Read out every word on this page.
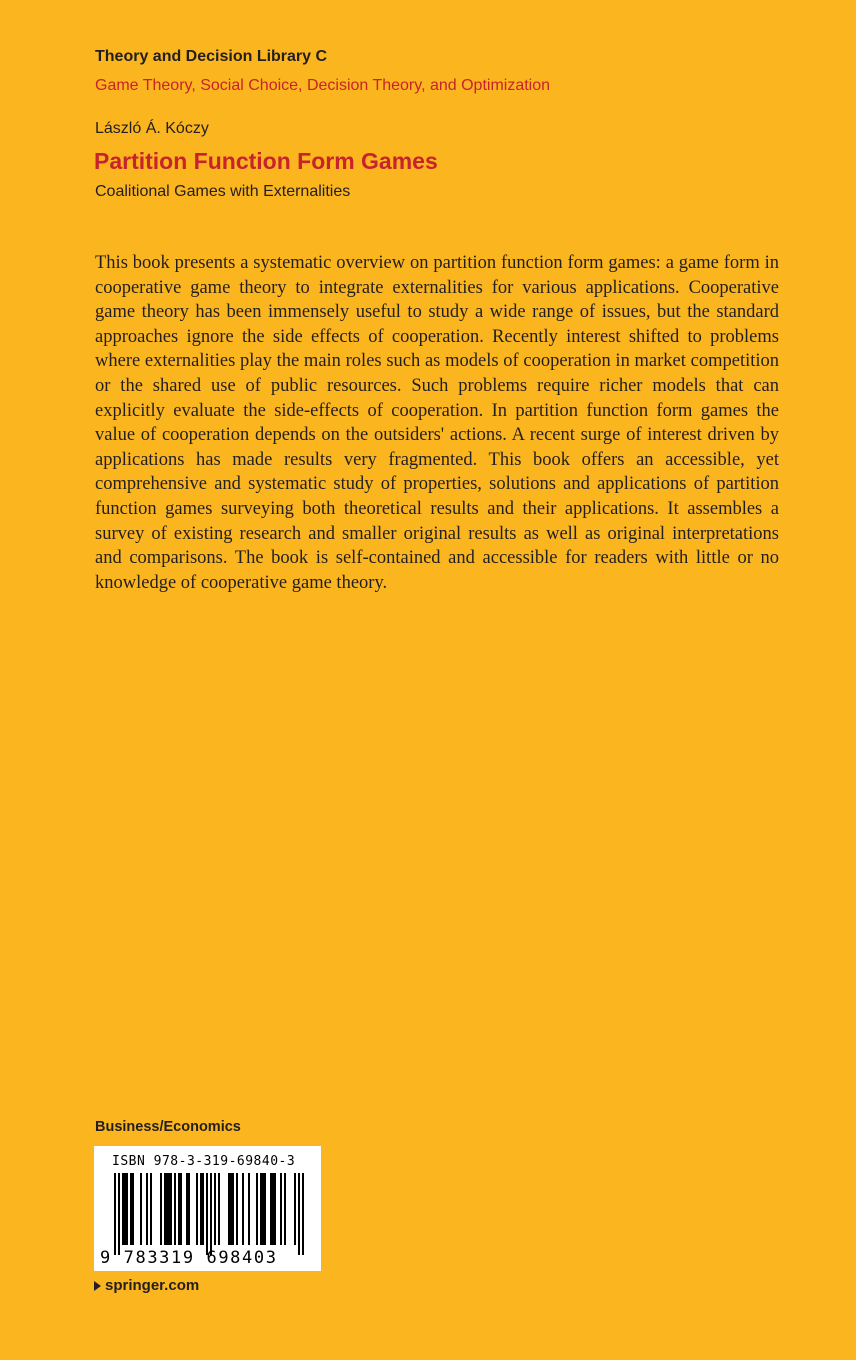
Theory and Decision Library C
Game Theory, Social Choice, Decision Theory, and Optimization
László Á. Kóczy
Partition Function Form Games
Coalitional Games with Externalities

This book presents a systematic overview on partition function form games: a game form in cooperative game theory to integrate externalities for various applications. Cooperative game theory has been immensely useful to study a wide range of issues, but the standard approaches ignore the side effects of cooperation. Recently interest shifted to problems where externalities play the main roles such as models of cooperation in market competition or the shared use of public resources. Such problems require richer models that can explicitly evaluate the side-effects of cooperation. In partition function form games the value of cooperation depends on the outsiders' actions. A recent surge of interest driven by applications has made results very fragmented. This book offers an accessible, yet comprehensive and systematic study of properties, solutions and applications of partition function games surveying both theoretical results and their applications. It assembles a survey of existing research and smaller original results as well as original interpretations and comparisons. The book is self-contained and accessible for readers with little or no knowledge of cooperative game theory.

Business/Economics
ISBN 978-3-319-69840-3
9 783319 698403
springer.com
